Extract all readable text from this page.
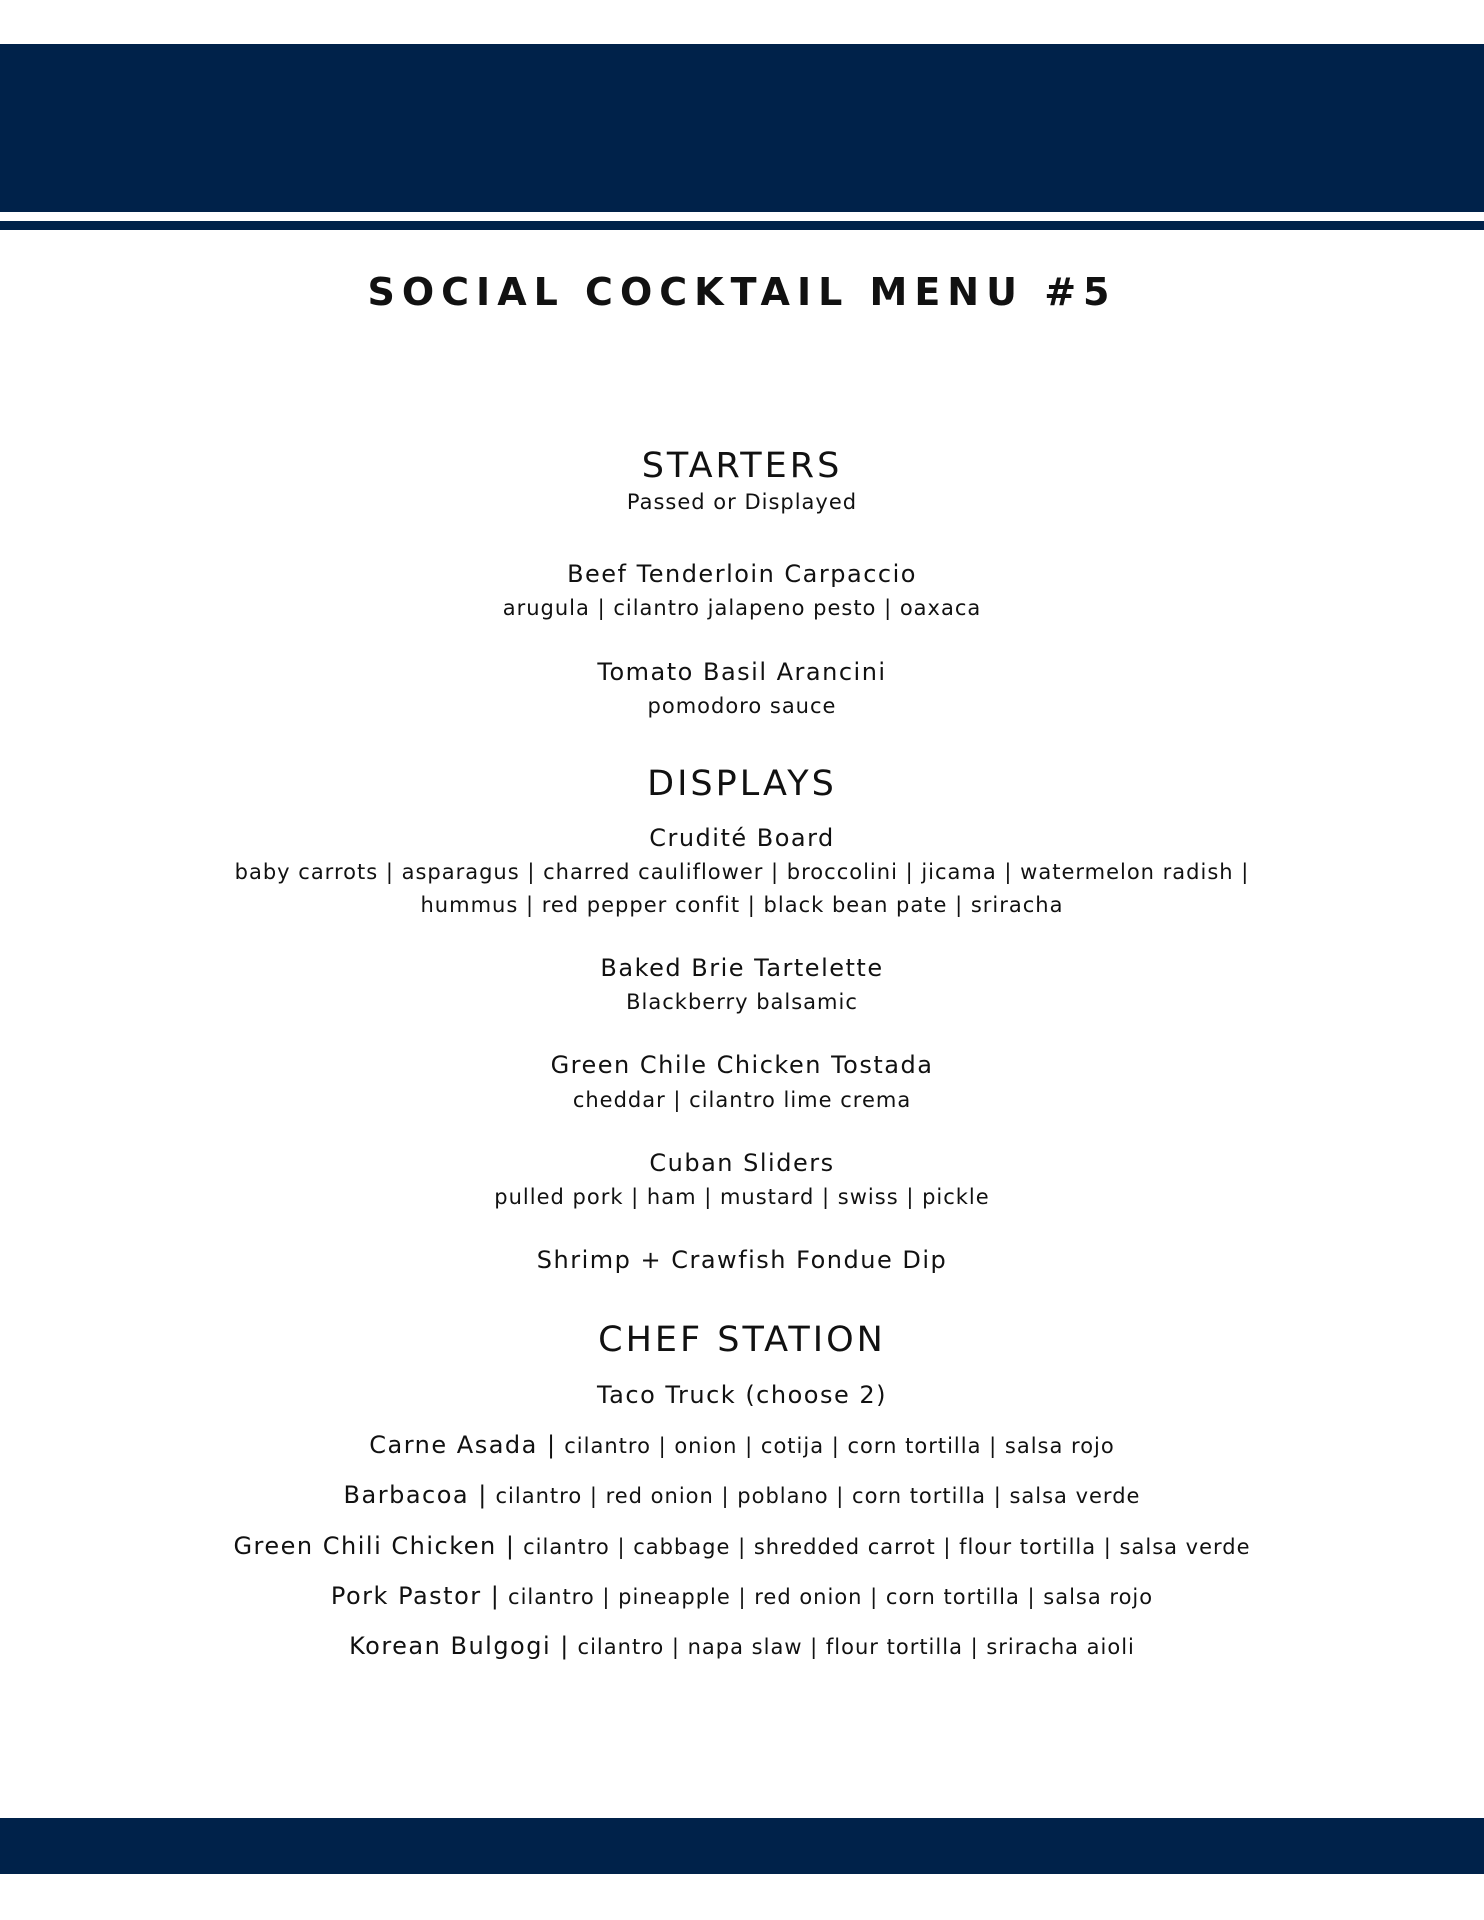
SOCIAL COCKTAIL MENU #5
STARTERS
Passed or Displayed
Beef Tenderloin Carpaccio
arugula | cilantro jalapeno pesto | oaxaca
Tomato Basil Arancini
pomodoro sauce
DISPLAYS
Crudité Board
baby carrots | asparagus | charred cauliflower | broccolini | jicama | watermelon radish |
hummus | red pepper confit | black bean pate | sriracha
Baked Brie Tartelette
Blackberry balsamic
Green Chile Chicken Tostada
cheddar | cilantro lime crema
Cuban Sliders
pulled pork | ham | mustard | swiss | pickle
Shrimp + Crawfish Fondue Dip
CHEF STATION
Taco Truck (choose 2)
Carne Asada | cilantro | onion | cotija | corn tortilla | salsa rojo
Barbacoa | cilantro | red onion | poblano | corn tortilla | salsa verde
Green Chili Chicken | cilantro | cabbage | shredded carrot | flour tortilla | salsa verde
Pork Pastor | cilantro | pineapple | red onion | corn tortilla | salsa rojo
Korean Bulgogi | cilantro | napa slaw | flour tortilla | sriracha aioli
